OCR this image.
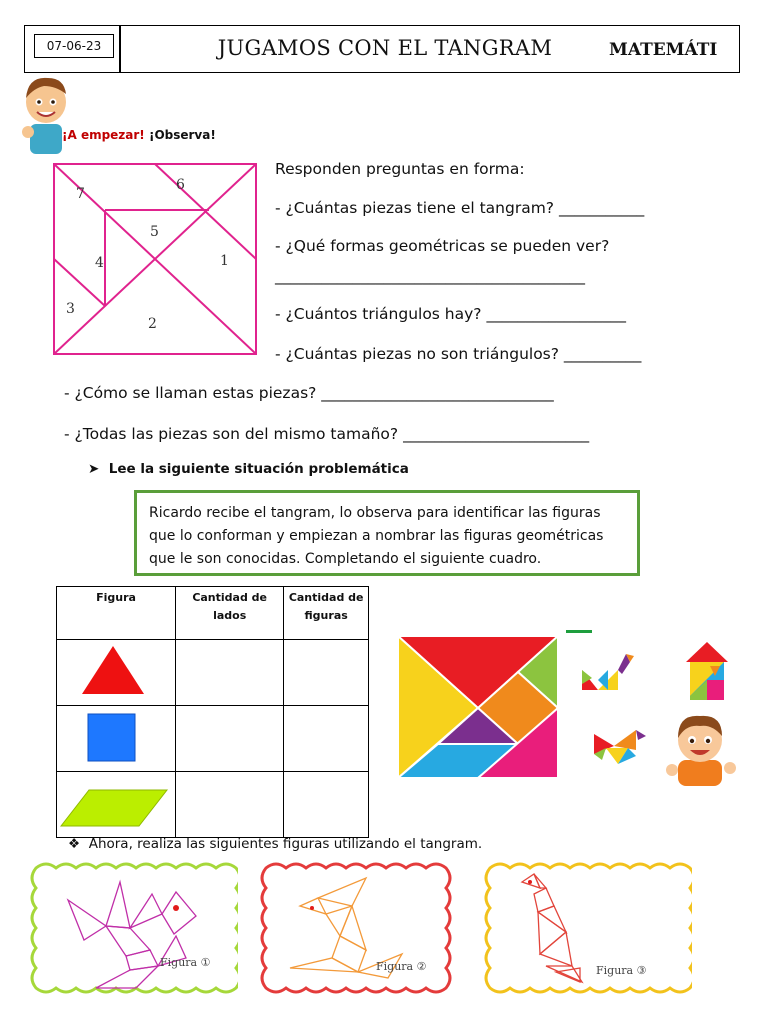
07-06-23	JUGAMOS CON EL TANGRAM	MATEMÁTI
¡A empezar! ¡Observa!
7
6
5
4	1
3
2
Responden preguntas en forma:
- ¿Cuántas piezas tiene el tangram? ___________
- ¿Qué formas geométricas se pueden ver?
________________________________________
- ¿Cuántos triángulos hay? __________________
- ¿Cuántas piezas no son triángulos? __________
- ¿Cómo se llaman estas piezas? ______________________________
- ¿Todas las piezas son del mismo tamaño? ________________________
➤ Lee la siguiente situación problemática
Ricardo recibe el tangram, lo observa para identificar las figuras que lo conforman y empiezan a nombrar las figuras geométricas que le son conocidas. Completando el siguiente cuadro.
Figura	Cantidad de lados	Cantidad de figuras

❖ Ahora, realiza las siguientes figuras utilizando el tangram.
Figura ①	Figura ②	Figura ③
